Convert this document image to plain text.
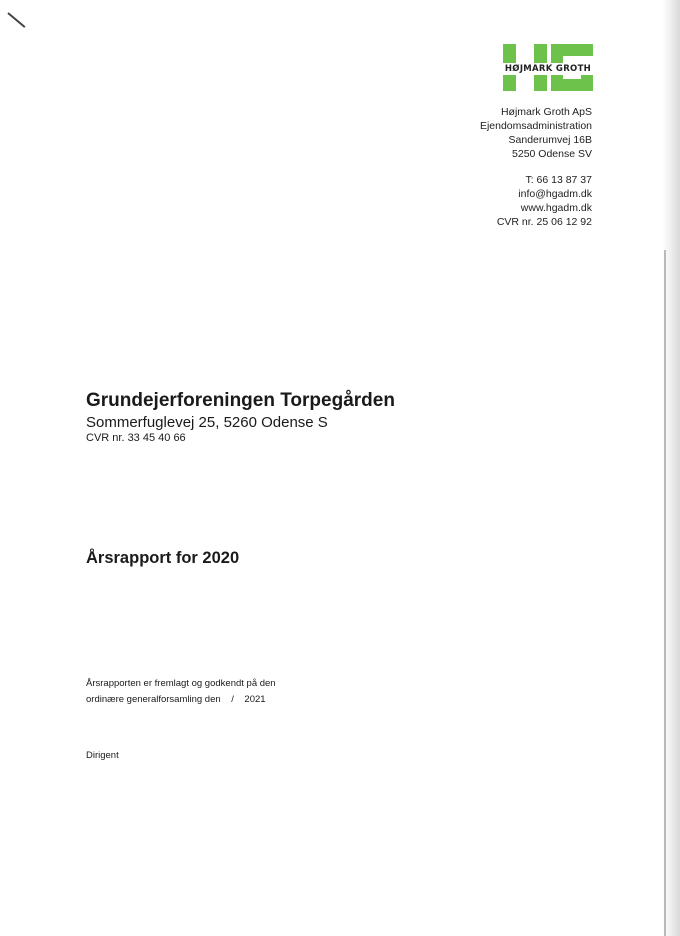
HØJMARK GROTH
Højmark Groth ApS
Ejendomsadministration
Sanderumvej 16B
5250 Odense SV
T: 66 13 87 37
info@hgadm.dk
www.hgadm.dk
CVR nr. 25 06 12 92
Grundejerforeningen Torpegården
Sommerfuglevej 25, 5260 Odense S
CVR nr. 33 45 40 66
Årsrapport for 2020
Årsrapporten er fremlagt og godkendt på den
ordinære generalforsamling den    /    2021
Dirigent
